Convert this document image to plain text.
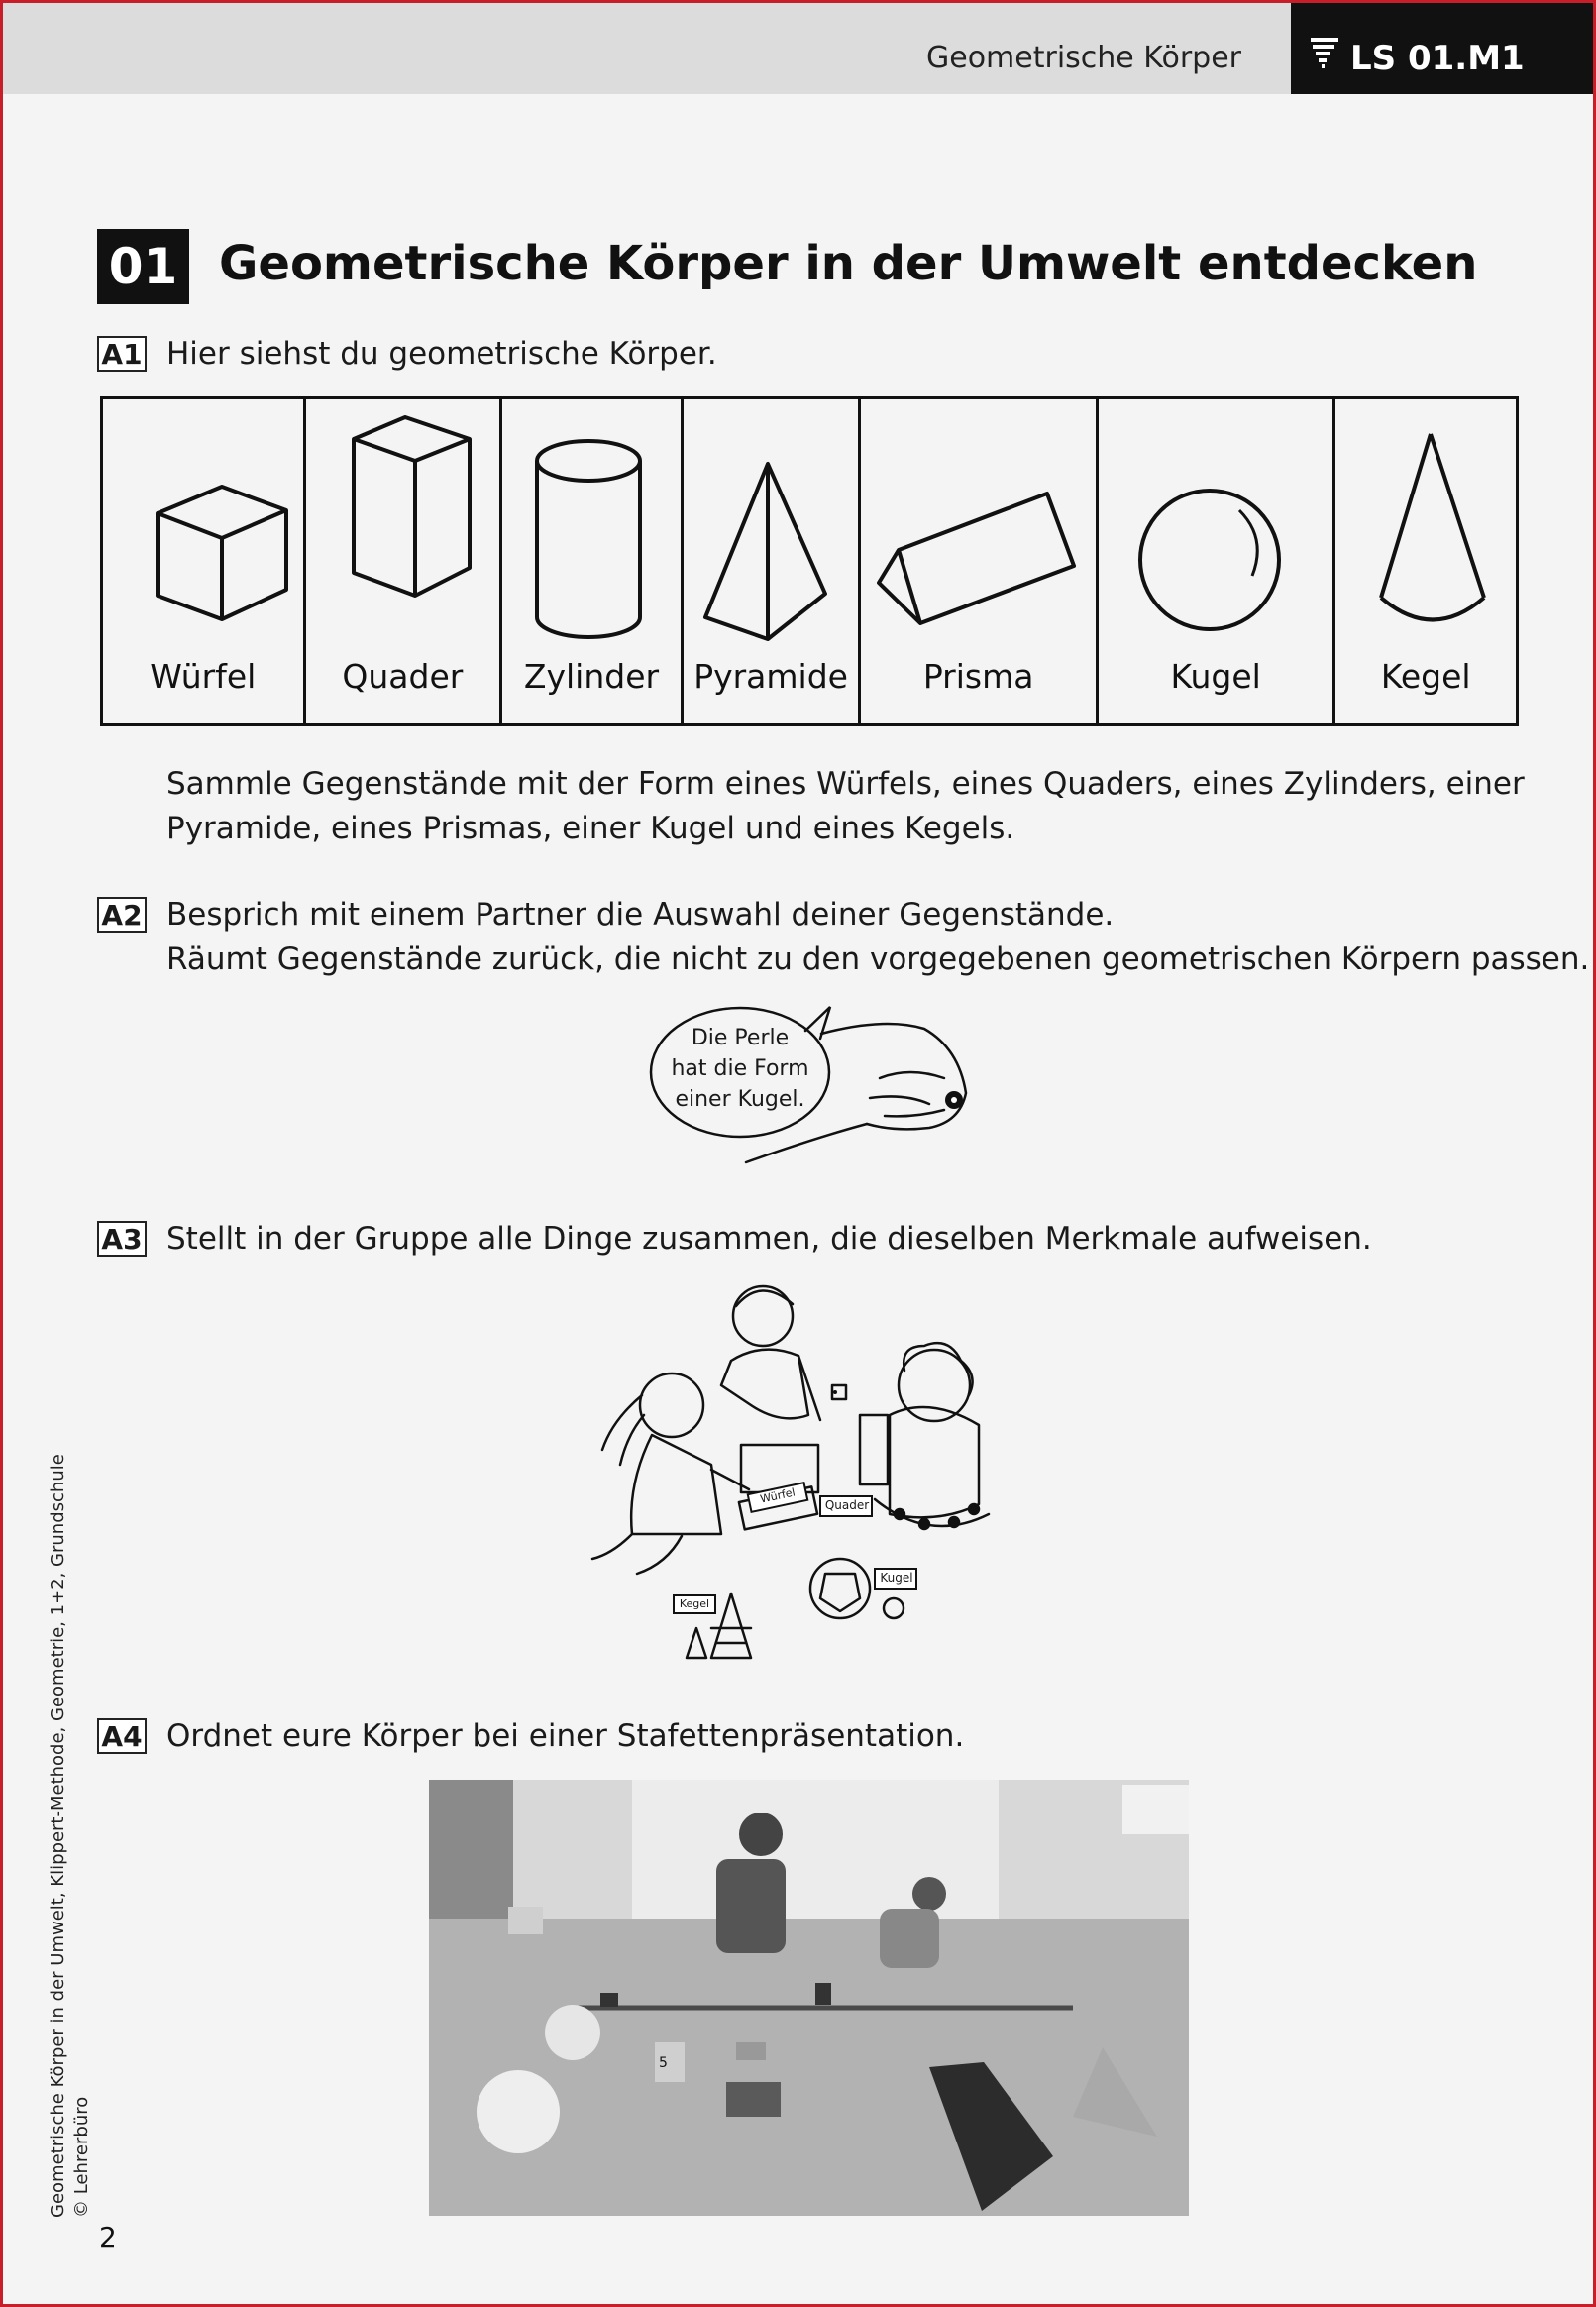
Geometrische Körper	LS 01.M1
01 Geometrische Körper in der Umwelt entdecken
A1 Hier siehst du geometrische Körper.
Würfel	Quader	Zylinder	Pyramide	Prisma	Kugel	Kegel
Sammle Gegenstände mit der Form eines Würfels, eines Quaders, eines Zylinders, einer
Pyramide, eines Prismas, einer Kugel und eines Kegels.
A2 Besprich mit einem Partner die Auswahl deiner Gegenstände.
Räumt Gegenstände zurück, die nicht zu den vorgegebenen geometrischen Körpern passen.
Die Perle
hat die Form
einer Kugel.
A3 Stellt in der Gruppe alle Dinge zusammen, die dieselben Merkmale aufweisen.
Quader
Kugel
Kegel
Würfel
A4 Ordnet eure Körper bei einer Stafettenpräsentation.
5
Geometrische Körper in der Umwelt, Klippert-Methode, Geometrie, 1+2, Grundschule © Lehrerbüro
2
